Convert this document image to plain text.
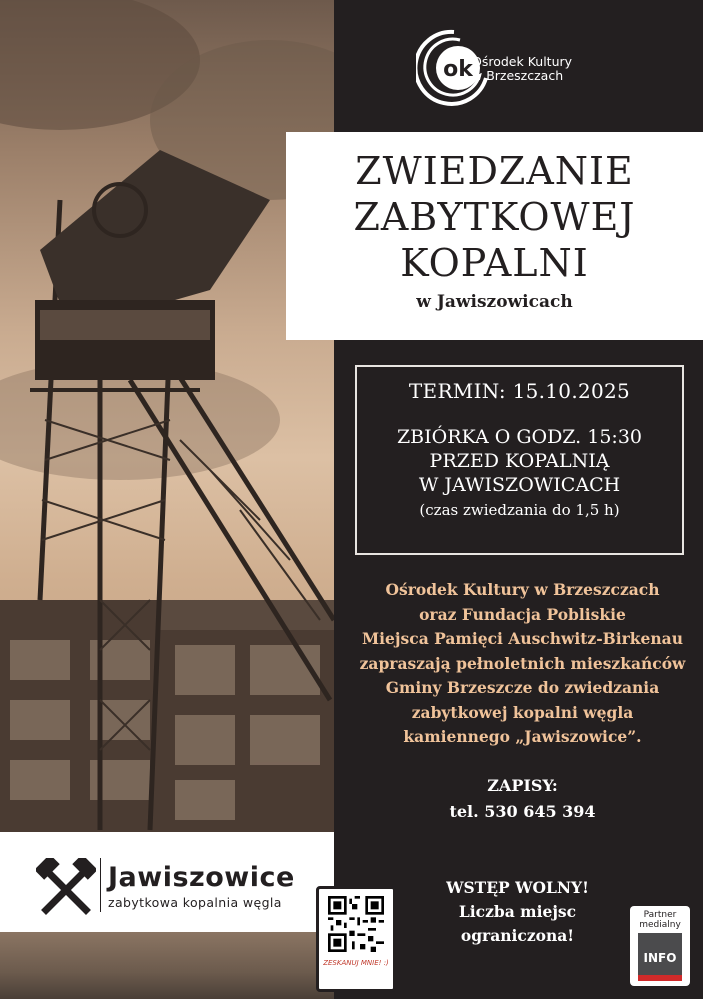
ok Ośrodek Kultury
w Brzeszczach
ZWIEDZANIE
ZABYTKOWEJ
KOPALNI
w Jawiszowicach
TERMIN: 15.10.2025
ZBIÓRKA O GODZ. 15:30
PRZED KOPALNIĄ
W JAWISZOWICACH
(czas zwiedzania do 1,5 h)
Ośrodek Kultury w Brzeszczach
oraz Fundacja Pobliskie
Miejsca Pamięci Auschwitz-Birkenau
zapraszają pełnoletnich mieszkańców
Gminy Brzeszcze do zwiedzania
zabytkowej kopalni węgla
kamiennego „Jawiszowice”.
ZAPISY:
tel. 530 645 394
WSTĘP WOLNY!
Liczba miejsc
ograniczona!
Jawiszowice
zabytkowa kopalnia węgla
ZESKANUJ MNIE! :)
Partner
medialny
INFO
